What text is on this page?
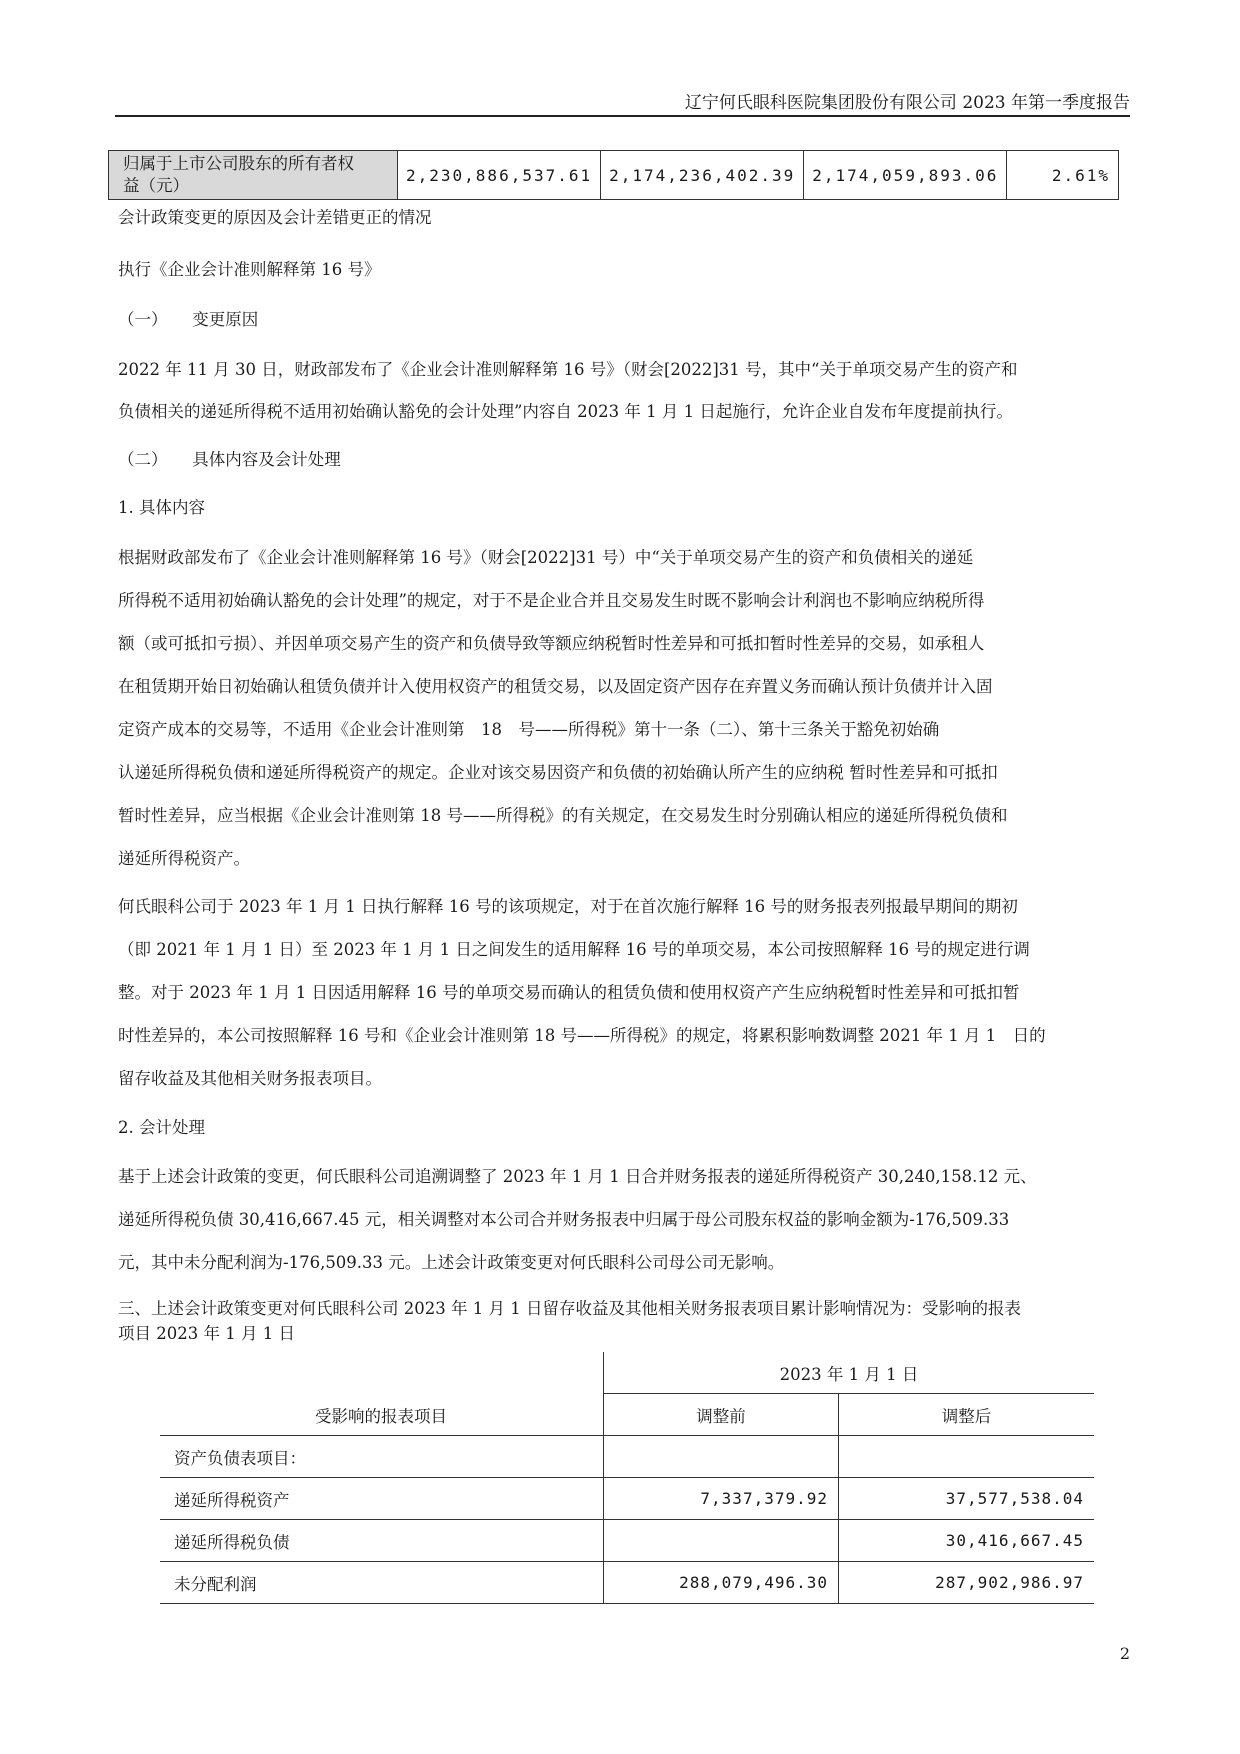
辽宁何氏眼科医院集团股份有限公司 2023 年第一季度报告
归属于上市公司股东的所有者权
益（元）
	2,230,886,537.61	2,174,236,402.39	2,174,059,893.06	2.61%
会计政策变更的原因及会计差错更正的情况
执行《企业会计准则解释第 16 号》
（一）　　变更原因
2022 年 11 月 30 日，财政部发布了《企业会计准则解释第 16 号》（财会[2022]31 号，其中“关于单项交易产生的资产和
负债相关的递延所得税不适用初始确认豁免的会计处理”内容自 2023 年 1 月 1 日起施行，允许企业自发布年度提前执行。
（二）　　具体内容及会计处理
1. 具体内容
根据财政部发布了《企业会计准则解释第 16 号》（财会[2022]31 号）中“关于单项交易产生的资产和负债相关的递延
所得税不适用初始确认豁免的会计处理”的规定，对于不是企业合并且交易发生时既不影响会计利润也不影响应纳税所得
额（或可抵扣亏损）、并因单项交易产生的资产和负债导致等额应纳税暂时性差异和可抵扣暂时性差异的交易，如承租人
在租赁期开始日初始确认租赁负债并计入使用权资产的租赁交易，以及固定资产因存在弃置义务而确认预计负债并计入固
定资产成本的交易等，不适用《企业会计准则第　18　号——所得税》第十一条（二）、第十三条关于豁免初始确
认递延所得税负债和递延所得税资产的规定。企业对该交易因资产和负债的初始确认所产生的应纳税 暂时性差异和可抵扣
暂时性差异，应当根据《企业会计准则第 18 号——所得税》的有关规定，在交易发生时分别确认相应的递延所得税负债和
递延所得税资产。
何氏眼科公司于 2023 年 1 月 1 日执行解释 16 号的该项规定，对于在首次施行解释 16 号的财务报表列报最早期间的期初
（即 2021 年 1 月 1 日）至 2023 年 1 月 1 日之间发生的适用解释 16 号的单项交易，本公司按照解释 16 号的规定进行调
整。对于 2023 年 1 月 1 日因适用解释 16 号的单项交易而确认的租赁负债和使用权资产产生应纳税暂时性差异和可抵扣暂
时性差异的，本公司按照解释 16 号和《企业会计准则第 18 号——所得税》的规定，将累积影响数调整 2021 年 1 月 1　日的
留存收益及其他相关财务报表项目。
2. 会计处理
基于上述会计政策的变更，何氏眼科公司追溯调整了 2023 年 1 月 1 日合并财务报表的递延所得税资产 30,240,158.12 元、
递延所得税负债 30,416,667.45 元，相关调整对本公司合并财务报表中归属于母公司股东权益的影响金额为-176,509.33
元，其中未分配利润为-176,509.33 元。上述会计政策变更对何氏眼科公司母公司无影响。
三、上述会计政策变更对何氏眼科公司 2023 年 1 月 1 日留存收益及其他相关财务报表项目累计影响情况为：受影响的报表
项目 2023 年 1 月 1 日
受影响的报表项目	2023 年 1 月 1 日	
	调整前	调整后
资产负债表项目：		
递延所得税资产	7,337,379.92	37,577,538.04
递延所得税负债		30,416,667.45
未分配利润	288,079,496.30	287,902,986.97
2
